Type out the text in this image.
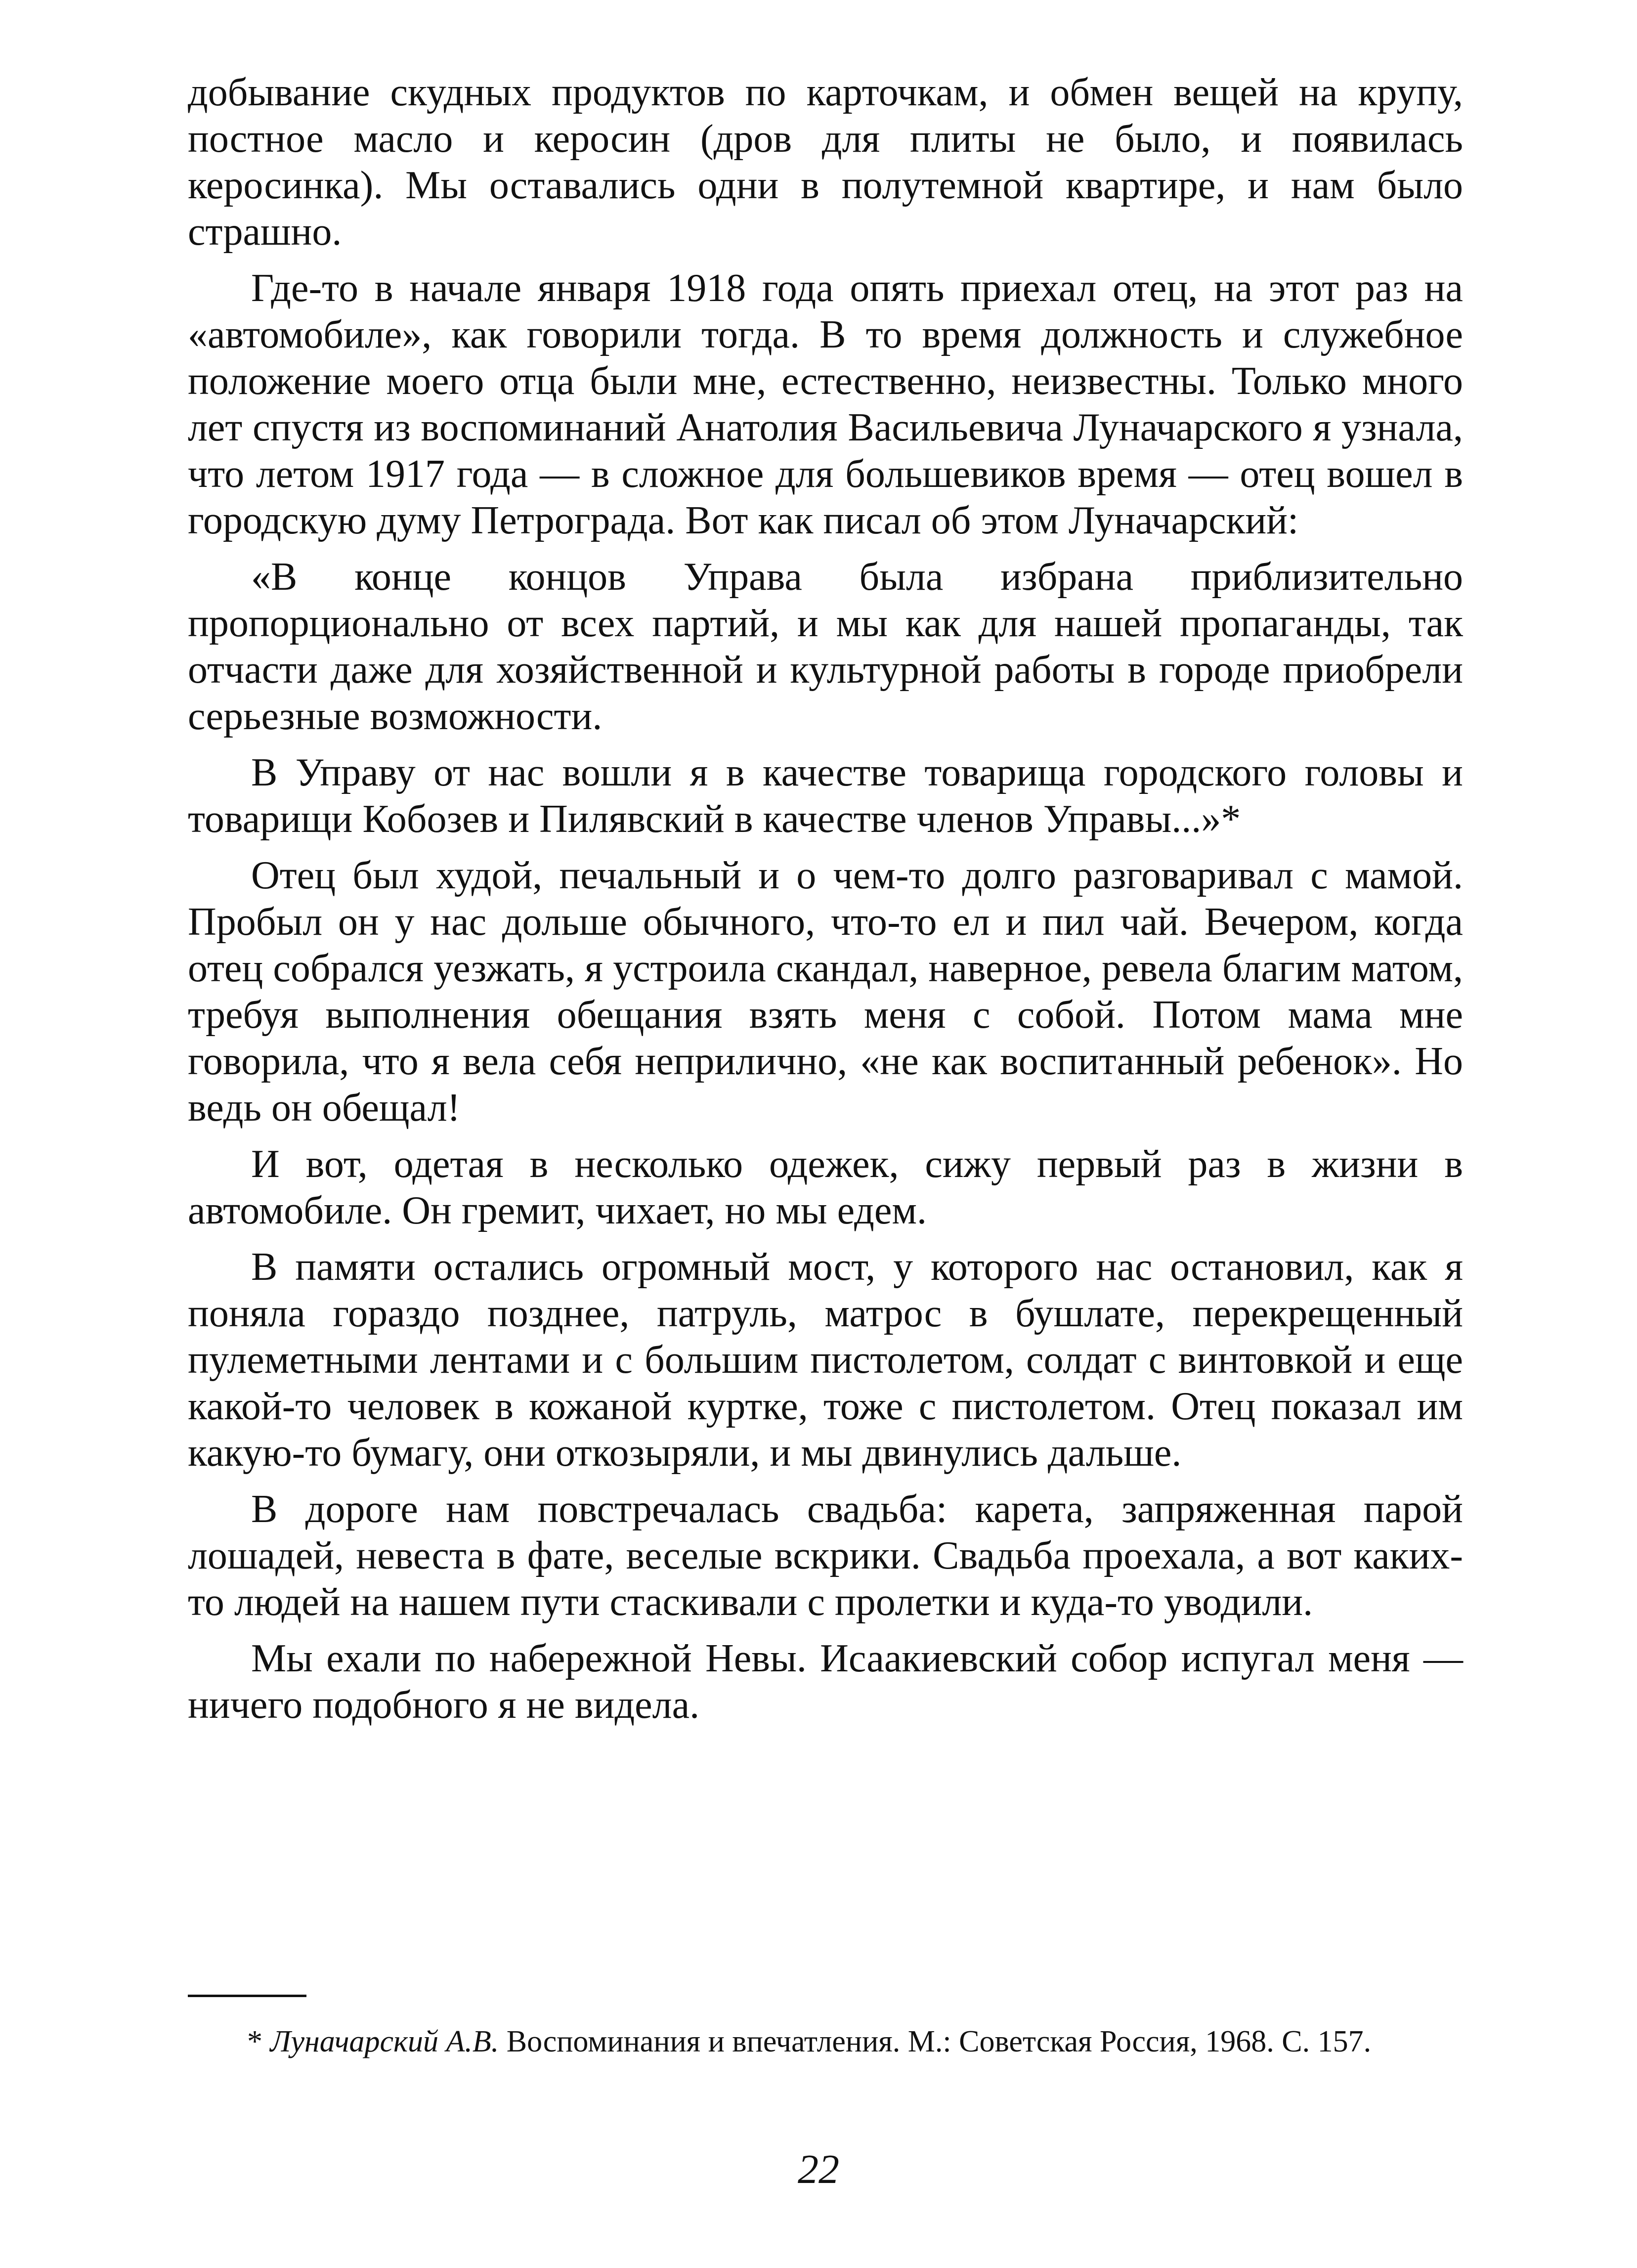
добывание скудных продуктов по карточкам, и обмен вещей на крупу, постное масло и керосин (дров для плиты не было, и появилась керосинка). Мы оставались одни в полутемной квартире, и нам было страшно.

Где-то в начале января 1918 года опять приехал отец, на этот раз на «автомобиле», как говорили тогда. В то время должность и служебное положение моего отца были мне, естественно, неизвестны. Только много лет спустя из воспоминаний Анатолия Васильевича Луначарского я узнала, что летом 1917 года — в сложное для большевиков время — отец вошел в городскую думу Петрограда. Вот как писал об этом Луначарский:

«В конце концов Управа была избрана приблизительно пропорционально от всех партий, и мы как для нашей пропаганды, так отчасти даже для хозяйственной и культурной работы в городе приобрели серьезные возможности.

В Управу от нас вошли я в качестве товарища городского головы и товарищи Кобозев и Пилявский в качестве членов Управы...»*

Отец был худой, печальный и о чем-то долго разговаривал с мамой. Пробыл он у нас дольше обычного, что-то ел и пил чай. Вечером, когда отец собрался уезжать, я устроила скандал, наверное, ревела благим матом, требуя выполнения обещания взять меня с собой. Потом мама мне говорила, что я вела себя неприлично, «не как воспитанный ребенок». Но ведь он обещал!

И вот, одетая в несколько одежек, сижу первый раз в жизни в автомобиле. Он гремит, чихает, но мы едем.

В памяти остались огромный мост, у которого нас остановил, как я поняла гораздо позднее, патруль, матрос в бушлате, перекрещенный пулеметными лентами и с большим пистолетом, солдат с винтовкой и еще какой-то человек в кожаной куртке, тоже с пистолетом. Отец показал им какую-то бумагу, они откозыряли, и мы двинулись дальше.

В дороге нам повстречалась свадьба: карета, запряженная парой лошадей, невеста в фате, веселые вскрики. Свадьба проехала, а вот каких-то людей на нашем пути стаскивали с пролетки и куда-то уводили.

Мы ехали по набережной Невы. Исаакиевский собор испугал меня — ничего подобного я не видела.

* Луначарский А.В. Воспоминания и впечатления. М.: Советская Россия, 1968. С. 157.

22
